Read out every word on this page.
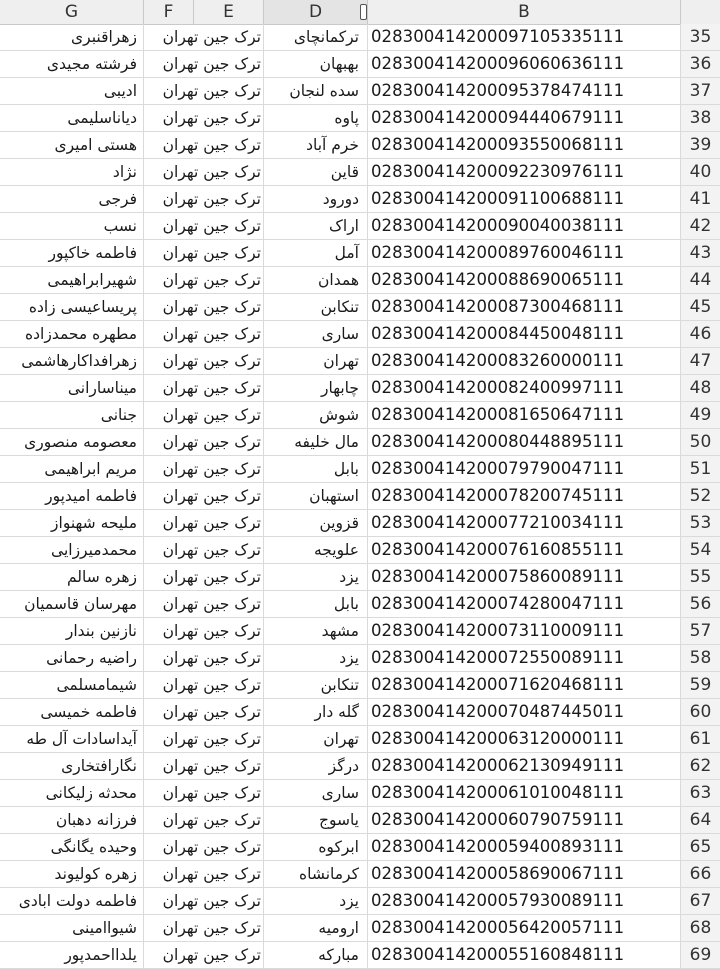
G	F	E	D	B
زهراقنبری	ترک جین تهران	ترکمانچای 028300414200097105335111	35
فرشته مجیدی	ترک جین تهران	بهبهان 028300414200096060636111	36
ادیبی	ترک جین تهران	سده لنجان 028300414200095378474111	37
دیاناسلیمی	ترک جین تهران	پاوه 028300414200094440679111	38
هستی امیری	ترک جین تهران	خرم آباد 028300414200093550068111	39
نژاد	ترک جین تهران	قاین 028300414200092230976111	40
فرجی	ترک جین تهران	دورود 028300414200091100688111	41
نسب	ترک جین تهران	اراک 028300414200090040038111	42
فاطمه خاکپور	ترک جین تهران	آمل 028300414200089760046111	43
شهیرابراهیمی	ترک جین تهران	همدان 028300414200088690065111	44
پریساعیسی زاده	ترک جین تهران	تنکابن 028300414200087300468111	45
مطهره محمدزاده	ترک جین تهران	ساری 028300414200084450048111	46
زهرافداکارهاشمی	ترک جین تهران	تهران 028300414200083260000111	47
میناسارانی	ترک جین تهران	چابهار 028300414200082400997111	48
جنانی	ترک جین تهران	شوش 028300414200081650647111	49
معصومه منصوری	ترک جین تهران	مال خلیفه 028300414200080448895111	50
مریم ابراهیمی	ترک جین تهران	بابل 028300414200079790047111	51
فاطمه امیدپور	ترک جین تهران	استهبان 028300414200078200745111	52
ملیحه شهنواز	ترک جین تهران	قزوین 028300414200077210034111	53
محمدمیرزایی	ترک جین تهران	علویجه 028300414200076160855111	54
زهره سالم	ترک جین تهران	یزد 028300414200075860089111	55
مهرسان قاسمیان	ترک جین تهران	بابل 028300414200074280047111	56
نازنین بندار	ترک جین تهران	مشهد 028300414200073110009111	57
راضیه رحمانی	ترک جین تهران	یزد 028300414200072550089111	58
شیمامسلمی	ترک جین تهران	تنکابن 028300414200071620468111	59
فاطمه خمیسی	ترک جین تهران	گله دار 028300414200070487445011	60
آیداسادات آل طه	ترک جین تهران	تهران 028300414200063120000111	61
نگارافتخاری	ترک جین تهران	درگز 028300414200062130949111	62
محدثه زلیکانی	ترک جین تهران	ساری 028300414200061010048111	63
فرزانه دهبان	ترک جین تهران	یاسوج 028300414200060790759111	64
وحیده یگانگی	ترک جین تهران	ابرکوه 028300414200059400893111	65
زهره کولیوند	ترک جین تهران	کرمانشاه 028300414200058690067111	66
فاطمه دولت ابادی	ترک جین تهران	یزد 028300414200057930089111	67
شیواامینی	ترک جین تهران	ارومیه 028300414200056420057111	68
یلدااحمدپور	ترک جین تهران	مبارکه 028300414200055160848111	69
